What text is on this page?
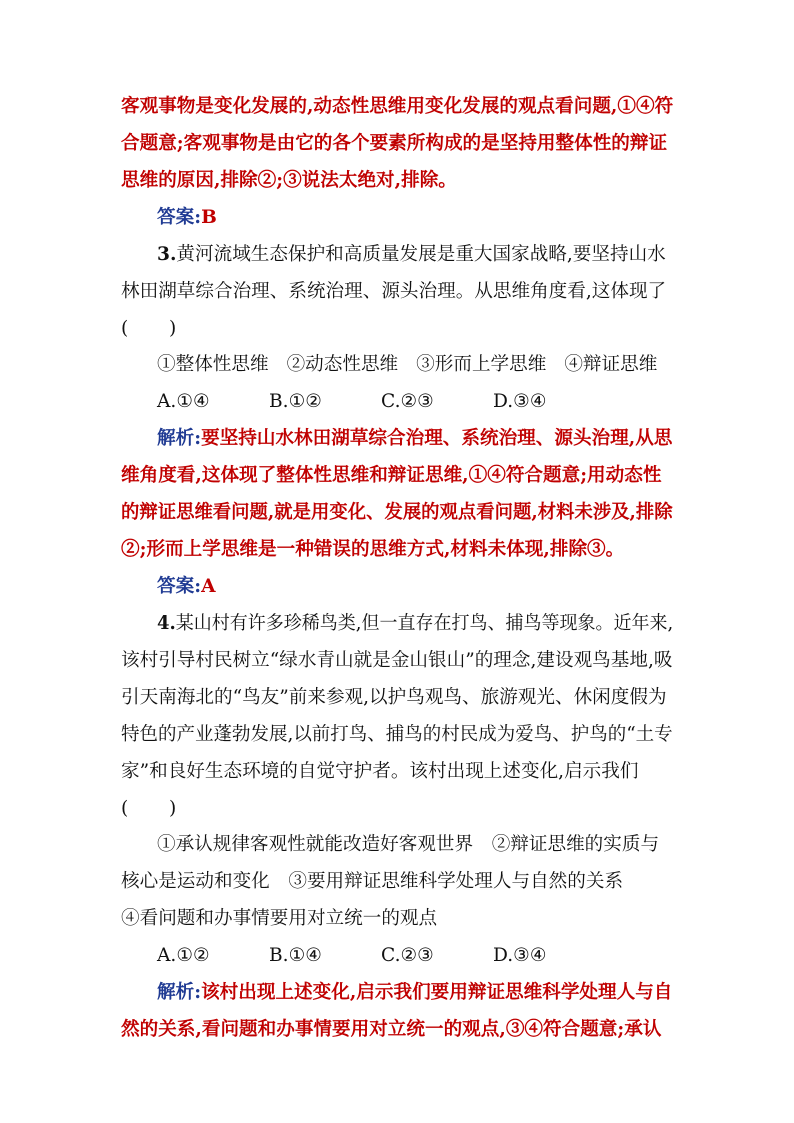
客观事物是变化发展的,动态性思维用变化发展的观点看问题,①④符
合题意;客观事物是由它的各个要素所构成的是坚持用整体性的辩证
思维的原因,排除②;③说法太绝对,排除。
答案:B
3.黄河流域生态保护和高质量发展是重大国家战略,要坚持山水
林田湖草综合治理、系统治理、源头治理。从思维角度看,这体现了
( )
①整体性思维 ②动态性思维 ③形而上学思维 ④辩证思维
A.①④	B.①②	C.②③	D.③④
解析:要坚持山水林田湖草综合治理、系统治理、源头治理,从思
维角度看,这体现了整体性思维和辩证思维,①④符合题意;用动态性
的辩证思维看问题,就是用变化、发展的观点看问题,材料未涉及,排除
②;形而上学思维是一种错误的思维方式,材料未体现,排除③。
答案:A
4.某山村有许多珍稀鸟类,但一直存在打鸟、捕鸟等现象。近年来,
该村引导村民树立“绿水青山就是金山银山”的理念,建设观鸟基地,吸
引天南海北的“鸟友”前来参观,以护鸟观鸟、旅游观光、休闲度假为
特色的产业蓬勃发展,以前打鸟、捕鸟的村民成为爱鸟、护鸟的“土专
家”和良好生态环境的自觉守护者。该村出现上述变化,启示我们
( )
①承认规律客观性就能改造好客观世界　②辩证思维的实质与
核心是运动和变化　③要用辩证思维科学处理人与自然的关系
④看问题和办事情要用对立统一的观点
A.①②	B.①④	C.②③	D.③④
解析:该村出现上述变化,启示我们要用辩证思维科学处理人与自
然的关系,看问题和办事情要用对立统一的观点,③④符合题意;承认
